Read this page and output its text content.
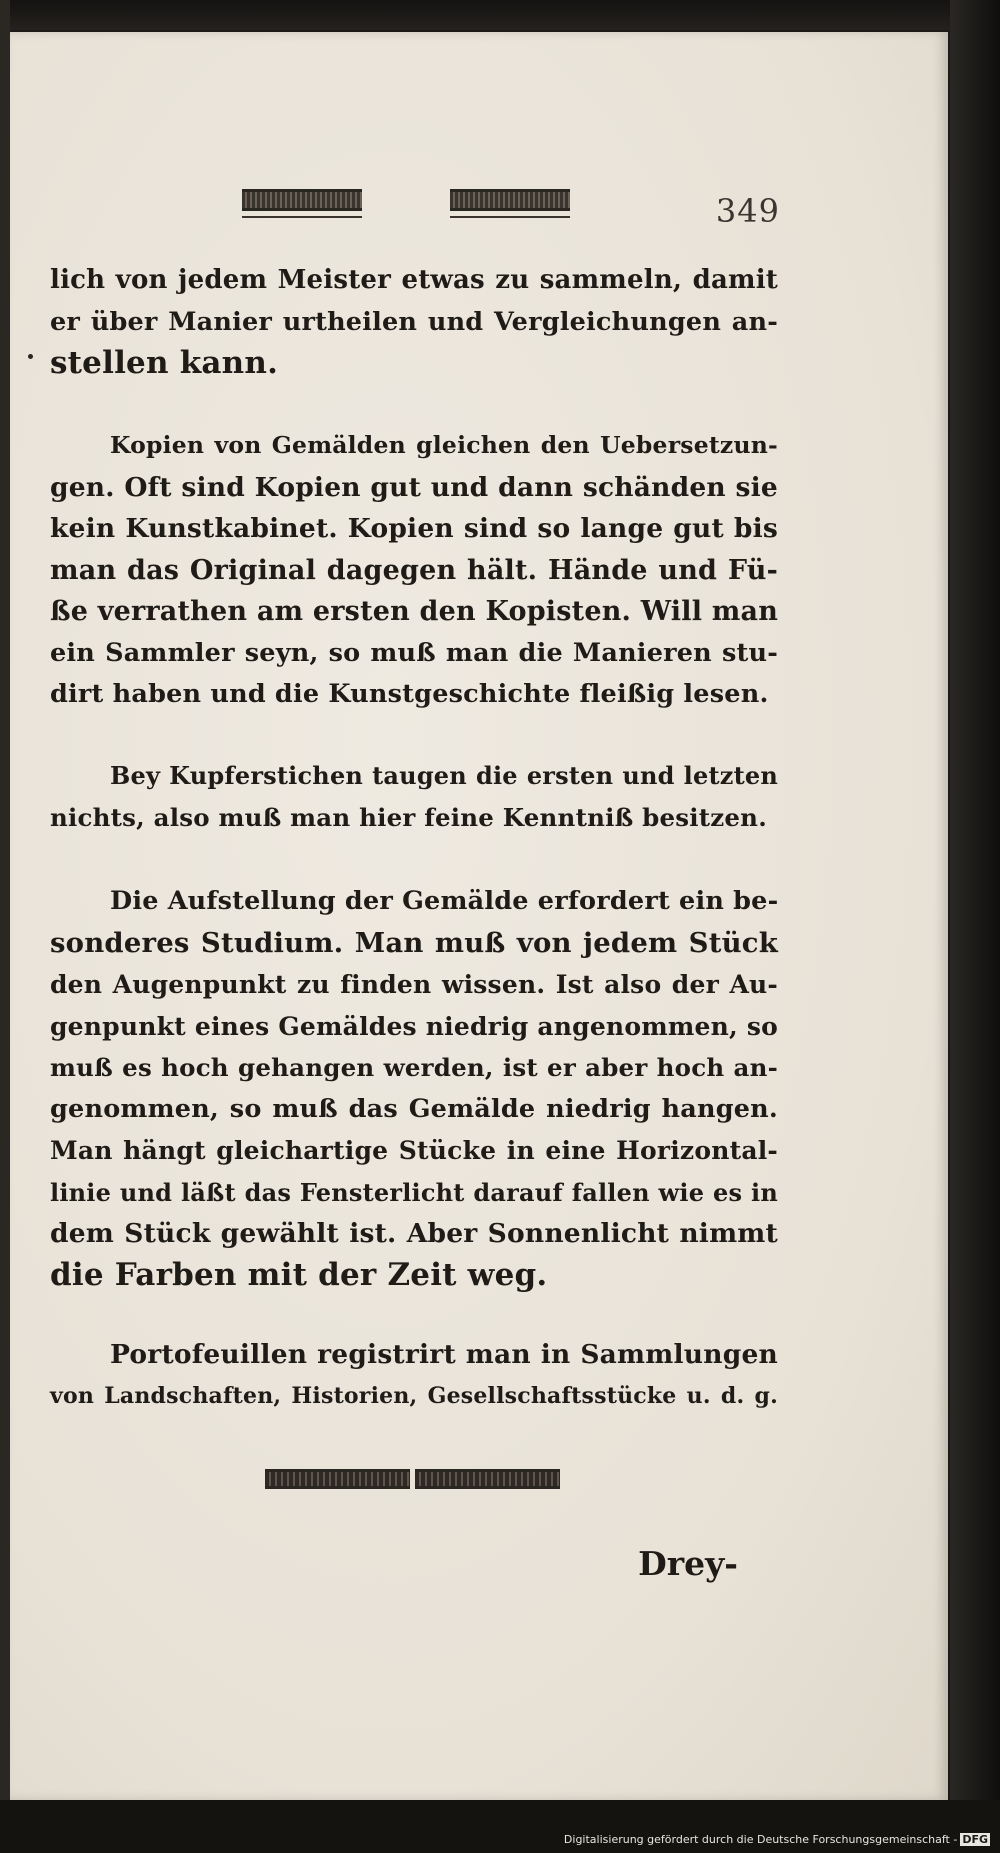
349
lich von jedem Meister etwas zu sammeln, damit
er über Manier urtheilen und Vergleichungen an-
stellen kann.
Kopien von Gemälden gleichen den Uebersetzun-
gen. Oft sind Kopien gut und dann schänden sie
kein Kunstkabinet. Kopien sind so lange gut bis
man das Original dagegen hält. Hände und Fü-
ße verrathen am ersten den Kopisten. Will man
ein Sammler seyn, so muß man die Manieren stu-
dirt haben und die Kunstgeschichte fleißig lesen.
Bey Kupferstichen taugen die ersten und letzten
nichts, also muß man hier feine Kenntniß besitzen.
Die Aufstellung der Gemälde erfordert ein be-
sonderes Studium. Man muß von jedem Stück
den Augenpunkt zu finden wissen. Ist also der Au-
genpunkt eines Gemäldes niedrig angenommen, so
muß es hoch gehangen werden, ist er aber hoch an-
genommen, so muß das Gemälde niedrig hangen.
Man hängt gleichartige Stücke in eine Horizontal-
linie und läßt das Fensterlicht darauf fallen wie es in
dem Stück gewählt ist. Aber Sonnenlicht nimmt
die Farben mit der Zeit weg.
Portofeuillen registrirt man in Sammlungen
von Landschaften, Historien, Gesellschaftsstücke u. d. g.
Drey-
Digitalisierung gefördert durch die Deutsche Forschungsgemeinschaft - DFG
